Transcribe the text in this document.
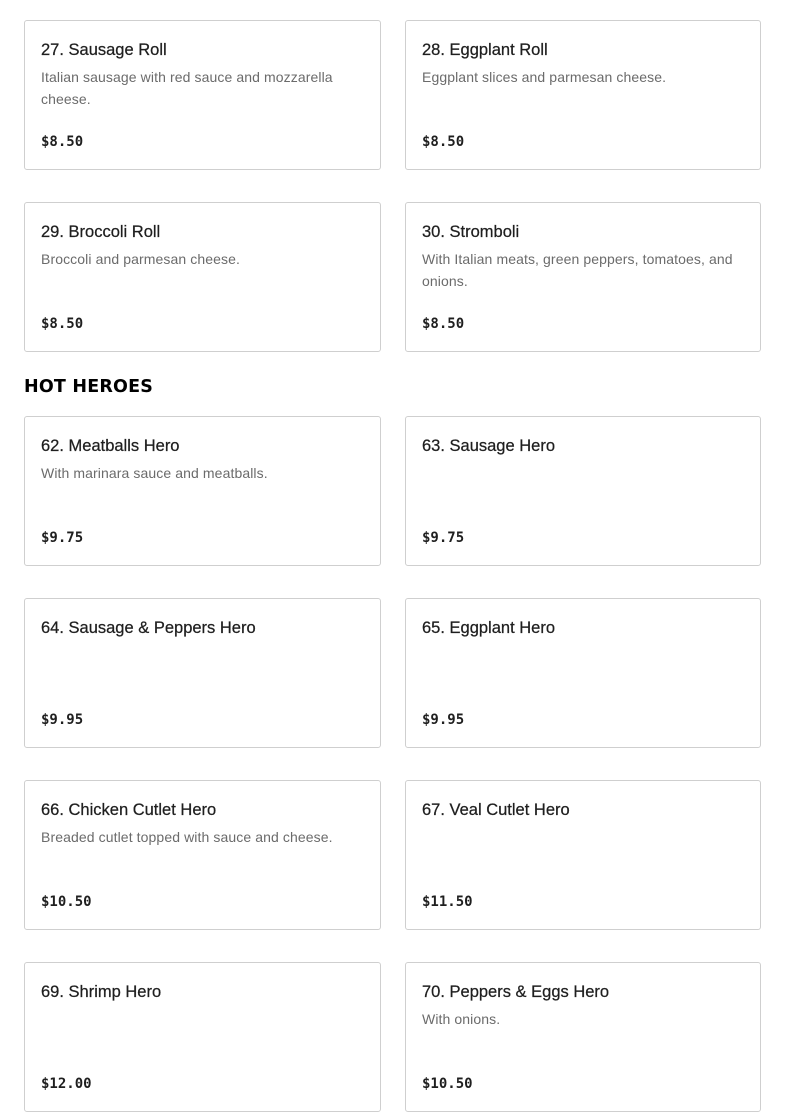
27. Sausage Roll
Italian sausage with red sauce and mozzarella cheese.
$8.50
28. Eggplant Roll
Eggplant slices and parmesan cheese.
$8.50
29. Broccoli Roll
Broccoli and parmesan cheese.
$8.50
30. Stromboli
With Italian meats, green peppers, tomatoes, and onions.
$8.50
HOT HEROES
62. Meatballs Hero
With marinara sauce and meatballs.
$9.75
63. Sausage Hero
$9.75
64. Sausage & Peppers Hero
$9.95
65. Eggplant Hero
$9.95
66. Chicken Cutlet Hero
Breaded cutlet topped with sauce and cheese.
$10.50
67. Veal Cutlet Hero
$11.50
69. Shrimp Hero
$12.00
70. Peppers & Eggs Hero
With onions.
$10.50
